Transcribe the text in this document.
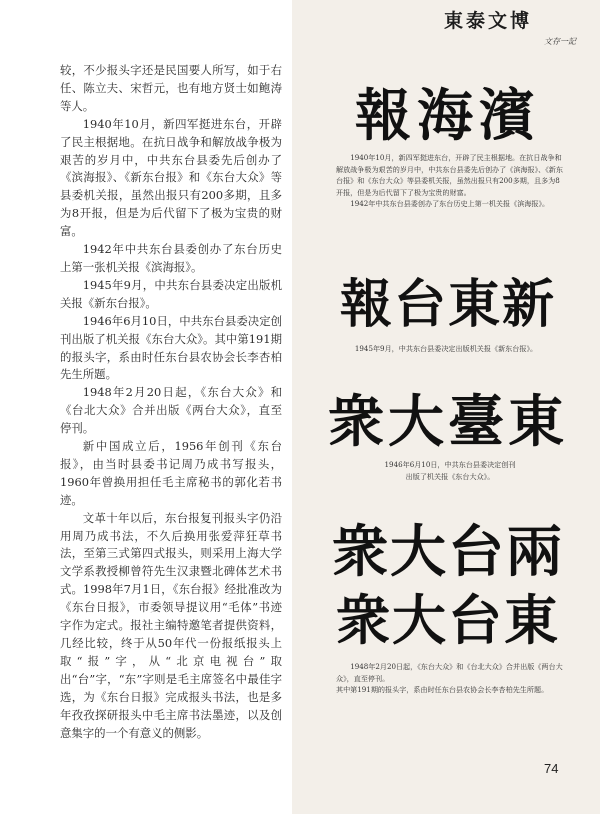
较，不少报头字还是民国要人所写，如于右任、陈立夫、宋哲元，也有地方贤士如鲍涛等人。

1940年10月，新四军挺进东台，开辟了民主根据地。在抗日战争和解放战争极为艰苦的岁月中，中共东台县委先后创办了《滨海报》、《新东台报》和《东台大众》等县委机关报，虽然出报只有200多期，且多为8开报，但是为后代留下了极为宝贵的财富。

1942年中共东台县委创办了东台历史上第一张机关报《滨海报》。

1945年9月，中共东台县委决定出版机关报《新东台报》。

1946年6月10日，中共东台县委决定创刊出版了机关报《东台大众》。其中第191期的报头字，系由时任东台县农协会长李杏柏先生所题。

1948年2月20日起，《东台大众》和《台北大众》合并出版《两台大众》，直至停刊。

新中国成立后，1956年创刊《东台报》，由当时县委书记周乃成书写报头，1960年曾换用担任毛主席秘书的郭化若书迹。

文革十年以后，东台报复刊报头字仍沿用周乃成书法，不久后换用张爱萍狂草书法，至第三式第四式报头，则采用上海大学文学系教授柳曾符先生汉隶暨北碑体艺术书式。1998年7月1日，《东台报》经批准改为《东台日报》，市委领导提议用“毛体”书迹字作为定式。报社主编特邀笔者提供资料，几经比较，终于从50年代一份报纸报头上取“报”字，从“北京电视台”取出“台”字，“东”字则是毛主席签名中最佳字选，为《东台日报》完成报头书法，也是多年孜孜探研报头中毛主席书法墨迹，以及创意集字的一个有意义的侧影。

東泰文博
文存一記
報海濱

1940年10月，新四军挺进东台，开辟了民主根据地。在抗日战争和解放战争极为艰苦的岁月中，中共东台县委先后创办了《滨海报》、《新东台报》和《东台大众》等县委机关报，虽然出报只有200多期，且多为8开报，但是为后代留下了极为宝贵的财富。

1942年中共东台县委创办了东台历史上第一机关报《滨海报》。

報台東新

1945年9月，中共东台县委决定出版机关报《新东台报》。

衆大臺東

1946年6月10日，中共东台县委决定创刊

出版了机关报《东台大众》。

衆大台兩
衆大台東

1948年2月20日起，《东台大众》和《台北大众》合并出版《两台大众》，直至停刊。

其中第191期的报头字，系由时任东台县农协会长李杏柏先生所题。

74
